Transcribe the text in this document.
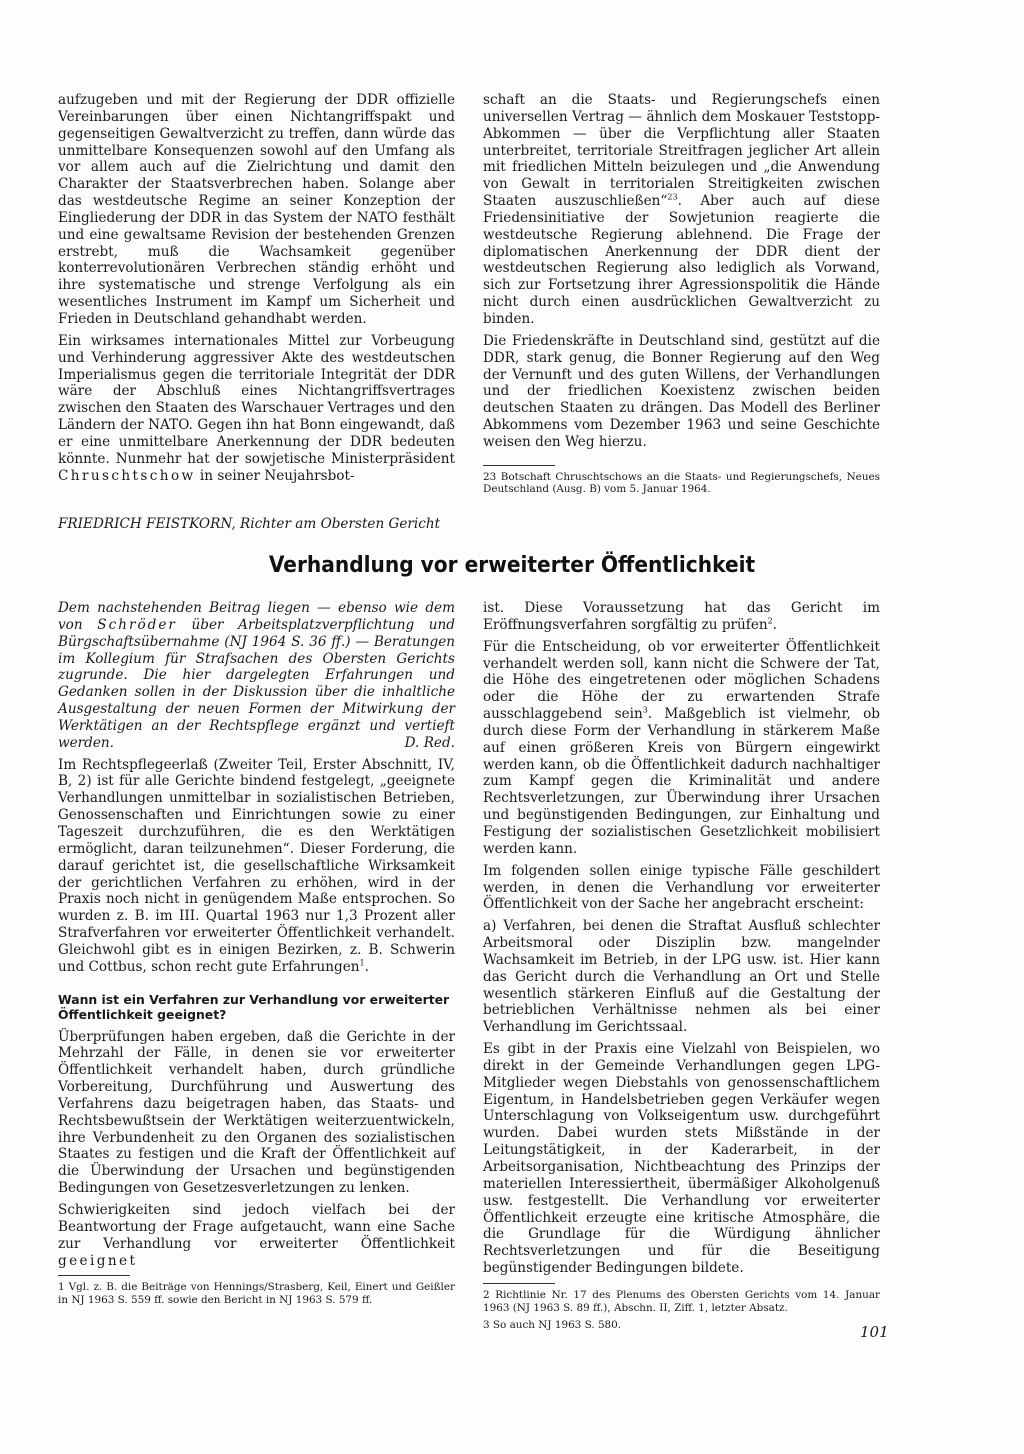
aufzugeben und mit der Regierung der DDR offizielle Vereinbarungen über einen Nichtangriffspakt und gegenseitigen Gewaltverzicht zu treffen, dann würde das unmittelbare Konsequenzen sowohl auf den Umfang als vor allem auch auf die Zielrichtung und damit den Charakter der Staatsverbrechen haben. Solange aber das westdeutsche Regime an seiner Konzeption der Eingliederung der DDR in das System der NATO festhält und eine gewaltsame Revision der bestehenden Grenzen erstrebt, muß die Wachsamkeit gegenüber konterrevolutionären Verbrechen ständig erhöht und ihre systematische und strenge Verfolgung als ein wesentliches Instrument im Kampf um Sicherheit und Frieden in Deutschland gehandhabt werden.

Ein wirksames internationales Mittel zur Vorbeugung und Verhinderung aggressiver Akte des westdeutschen Imperialismus gegen die territoriale Integrität der DDR wäre der Abschluß eines Nichtangriffsvertrages zwischen den Staaten des Warschauer Vertrages und den Ländern der NATO. Gegen ihn hat Bonn eingewandt, daß er eine unmittelbare Anerkennung der DDR bedeuten könnte. Nunmehr hat der sowjetische Ministerpräsident Chruschtschow in seiner Neujahrsbot-

schaft an die Staats- und Regierungschefs einen universellen Vertrag — ähnlich dem Moskauer Teststopp-Abkommen — über die Verpflichtung aller Staaten unterbreitet, territoriale Streitfragen jeglicher Art allein mit friedlichen Mitteln beizulegen und „die Anwendung von Gewalt in territorialen Streitigkeiten zwischen Staaten auszuschließen“$^{23}$. Aber auch auf diese Friedensinitiative der Sowjetunion reagierte die westdeutsche Regierung ablehnend. Die Frage der diplomatischen Anerkennung der DDR dient der westdeutschen Regierung also lediglich als Vorwand, sich zur Fortsetzung ihrer Agressionspolitik die Hände nicht durch einen ausdrücklichen Gewaltverzicht zu binden.

Die Friedenskräfte in Deutschland sind, gestützt auf die DDR, stark genug, die Bonner Regierung auf den Weg der Vernunft und des guten Willens, der Verhandlungen und der friedlichen Koexistenz zwischen beiden deutschen Staaten zu drängen. Das Modell des Berliner Abkommens vom Dezember 1963 und seine Geschichte weisen den Weg hierzu.

23 Botschaft Chruschtschows an die Staats- und Regierungschefs, Neues Deutschland (Ausg. B) vom 5. Januar 1964.

FRIEDRICH FEISTKORN, Richter am Obersten Gericht
Verhandlung vor erweiterter Öffentlichkeit

Dem nachstehenden Beitrag liegen — ebenso wie dem von Schröder über Arbeitsplatzverpflichtung und Bürgschaftsübernahme (NJ 1964 S. 36 ff.) — Beratungen im Kollegium für Strafsachen des Obersten Gerichts zugrunde. Die hier dargelegten Erfahrungen und Gedanken sollen in der Diskussion über die inhaltliche Ausgestaltung der neuen Formen der Mitwirkung der Werktätigen an der Rechtspflege ergänzt und vertieft werden.	D. Red.

Im Rechtspflegeerlaß (Zweiter Teil, Erster Abschnitt, IV, B, 2) ist für alle Gerichte bindend festgelegt, „geeignete Verhandlungen unmittelbar in sozialistischen Betrieben, Genossenschaften und Einrichtungen sowie zu einer Tageszeit durchzuführen, die es den Werktätigen ermöglicht, daran teilzunehmen“. Dieser Forderung, die darauf gerichtet ist, die gesellschaftliche Wirksamkeit der gerichtlichen Verfahren zu erhöhen, wird in der Praxis noch nicht in genügendem Maße entsprochen. So wurden z. B. im III. Quartal 1963 nur 1,3 Prozent aller Strafverfahren vor erweiterter Öffentlichkeit verhandelt. Gleichwohl gibt es in einigen Bezirken, z. B. Schwerin und Cottbus, schon recht gute Erfahrungen$^1$.

Wann ist ein Verfahren zur Verhandlung vor erweiterter Öffentlichkeit geeignet?

Überprüfungen haben ergeben, daß die Gerichte in der Mehrzahl der Fälle, in denen sie vor erweiterter Öffentlichkeit verhandelt haben, durch gründliche Vorbereitung, Durchführung und Auswertung des Verfahrens dazu beigetragen haben, das Staats- und Rechtsbewußtsein der Werktätigen weiterzuentwickeln, ihre Verbundenheit zu den Organen des sozialistischen Staates zu festigen und die Kraft der Öffentlichkeit auf die Überwindung der Ursachen und begünstigenden Bedingungen von Gesetzesverletzungen zu lenken.

Schwierigkeiten sind jedoch vielfach bei der Beantwortung der Frage aufgetaucht, wann eine Sache zur Verhandlung vor erweiterter Öffentlichkeit geeignet

1 Vgl. z. B. die Beiträge von Hennings/Strasberg, Keil, Einert und Geißler in NJ 1963 S. 559 ff. sowie den Bericht in NJ 1963 S. 579 ff.

ist. Diese Voraussetzung hat das Gericht im Eröffnungsverfahren sorgfältig zu prüfen$^2$.

Für die Entscheidung, ob vor erweiterter Öffentlichkeit verhandelt werden soll, kann nicht die Schwere der Tat, die Höhe des eingetretenen oder möglichen Schadens oder die Höhe der zu erwartenden Strafe ausschlaggebend sein$^3$. Maßgeblich ist vielmehr, ob durch diese Form der Verhandlung in stärkerem Maße auf einen größeren Kreis von Bürgern eingewirkt werden kann, ob die Öffentlichkeit dadurch nachhaltiger zum Kampf gegen die Kriminalität und andere Rechtsverletzungen, zur Überwindung ihrer Ursachen und begünstigenden Bedingungen, zur Einhaltung und Festigung der sozialistischen Gesetzlichkeit mobilisiert werden kann.

Im folgenden sollen einige typische Fälle geschildert werden, in denen die Verhandlung vor erweiterter Öffentlichkeit von der Sache her angebracht erscheint:

a) Verfahren, bei denen die Straftat Ausfluß schlechter Arbeitsmoral oder Disziplin bzw. mangelnder Wachsamkeit im Betrieb, in der LPG usw. ist. Hier kann das Gericht durch die Verhandlung an Ort und Stelle wesentlich stärkeren Einfluß auf die Gestaltung der betrieblichen Verhältnisse nehmen als bei einer Verhandlung im Gerichtssaal.

Es gibt in der Praxis eine Vielzahl von Beispielen, wo direkt in der Gemeinde Verhandlungen gegen LPG-Mitglieder wegen Diebstahls von genossenschaftlichem Eigentum, in Handelsbetrieben gegen Verkäufer wegen Unterschlagung von Volkseigentum usw. durchgeführt wurden. Dabei wurden stets Mißstände in der Leitungstätigkeit, in der Kaderarbeit, in der Arbeitsorganisation, Nichtbeachtung des Prinzips der materiellen Interessiertheit, übermäßiger Alkoholgenuß usw. festgestellt. Die Verhandlung vor erweiterter Öffentlichkeit erzeugte eine kritische Atmosphäre, die die Grundlage für die Würdigung ähnlicher Rechtsverletzungen und für die Beseitigung begünstigender Bedingungen bildete.

2 Richtlinie Nr. 17 des Plenums des Obersten Gerichts vom 14. Januar 1963 (NJ 1963 S. 89 ff.), Abschn. II, Ziff. 1, letzter Absatz.

3 So auch NJ 1963 S. 580.	101
